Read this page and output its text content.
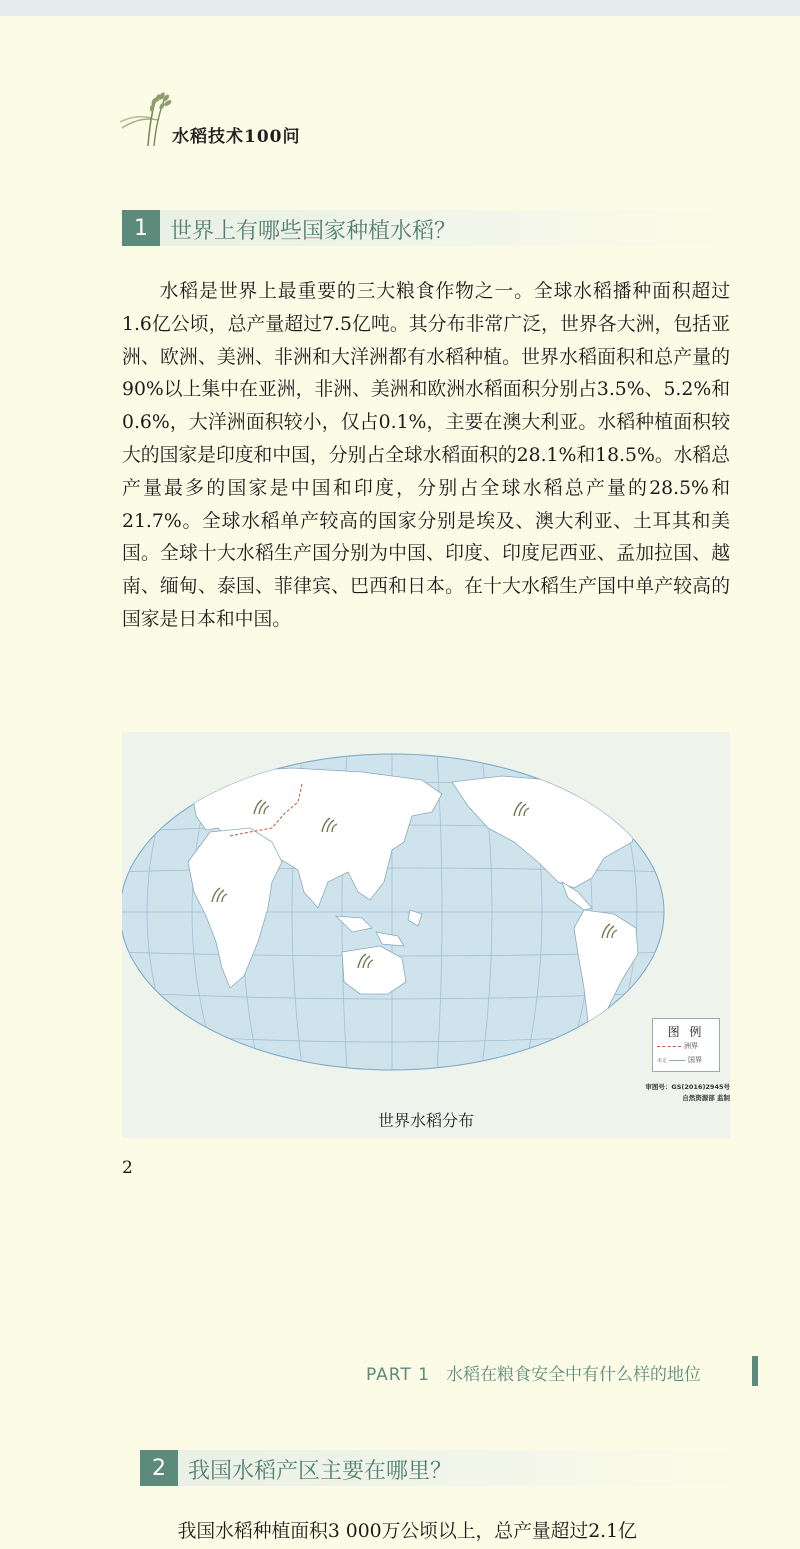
水稻技术100问
1	世界上有哪些国家种植水稻？

水稻是世界上最重要的三大粮食作物之一。全球水稻播种面积超过1.6亿公顷，总产量超过7.5亿吨。其分布非常广泛，世界各大洲，包括亚洲、欧洲、美洲、非洲和大洋洲都有水稻种植。世界水稻面积和总产量的90%以上集中在亚洲，非洲、美洲和欧洲水稻面积分别占3.5%、5.2%和0.6%，大洋洲面积较小，仅占0.1%，主要在澳大利亚。水稻种植面积较大的国家是印度和中国，分别占全球水稻面积的28.1%和18.5%。水稻总产量最多的国家是中国和印度，分别占全球水稻总产量的28.5%和21.7%。全球水稻单产较高的国家分别是埃及、澳大利亚、土耳其和美国。全球十大水稻生产国分别为中国、印度、印度尼西亚、孟加拉国、越南、缅甸、泰国、菲律宾、巴西和日本。在十大水稻生产国中单产较高的国家是日本和中国。

图 例
洲界
未定	国界
审图号：GS(2016)2945号
自然资源部 监制
世界水稻分布
2
PART 1 水稻在粮食安全中有什么样的地位
2	我国水稻产区主要在哪里？

我国水稻种植面积3 000万公顷以上，总产量超过2.1亿
